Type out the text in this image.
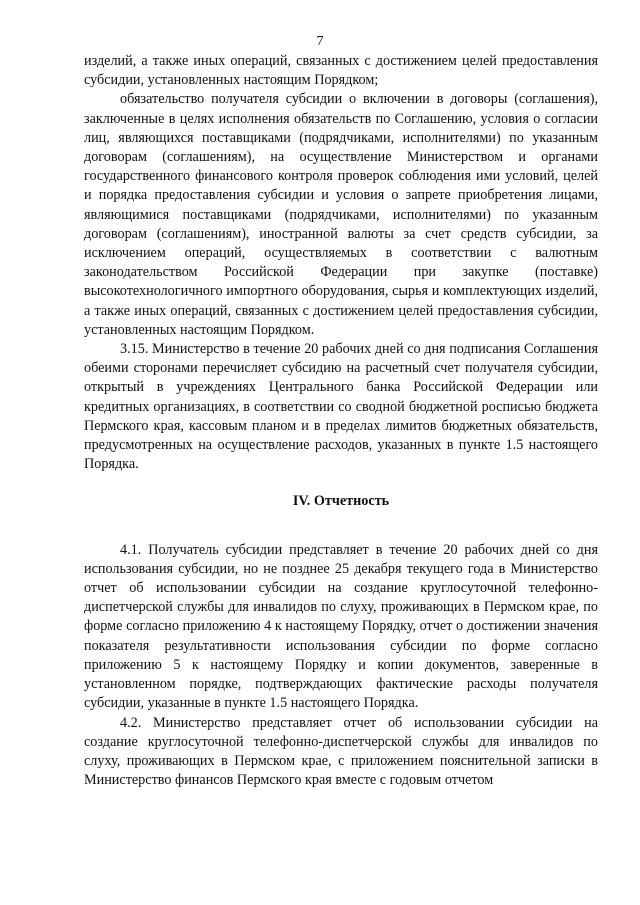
7

изделий, а также иных операций, связанных с достижением целей предоставления субсидии, установленных настоящим Порядком;

обязательство получателя субсидии о включении в договоры (соглашения), заключенные в целях исполнения обязательств по Соглашению, условия о согласии лиц, являющихся поставщиками (подрядчиками, исполнителями) по указанным договорам (соглашениям), на осуществление Министерством и органами государственного финансового контроля проверок соблюдения ими условий, целей и порядка предоставления субсидии и условия о запрете приобретения лицами, являющимися поставщиками (подрядчиками, исполнителями) по указанным договорам (соглашениям), иностранной валюты за счет средств субсидии, за исключением операций, осуществляемых в соответствии с валютным законодательством Российской Федерации при закупке (поставке) высокотехнологичного импортного оборудования, сырья и комплектующих изделий, а также иных операций, связанных с достижением целей предоставления субсидии, установленных настоящим Порядком.

3.15. Министерство в течение 20 рабочих дней со дня подписания Соглашения обеими сторонами перечисляет субсидию на расчетный счет получателя субсидии, открытый в учреждениях Центрального банка Российской Федерации или кредитных организациях, в соответствии со сводной бюджетной росписью бюджета Пермского края, кассовым планом и в пределах лимитов бюджетных обязательств, предусмотренных на осуществление расходов, указанных в пункте 1.5 настоящего Порядка.

IV. Отчетность

4.1. Получатель субсидии представляет в течение 20 рабочих дней со дня использования субсидии, но не позднее 25 декабря текущего года в Министерство отчет об использовании субсидии на создание круглосуточной телефонно-диспетчерской службы для инвалидов по слуху, проживающих в Пермском крае, по форме согласно приложению 4 к настоящему Порядку, отчет о достижении значения показателя результативности использования субсидии по форме согласно приложению 5 к настоящему Порядку и копии документов, заверенные в установленном порядке, подтверждающих фактические расходы получателя субсидии, указанные в пункте 1.5 настоящего Порядка.

4.2. Министерство представляет отчет об использовании субсидии на создание круглосуточной телефонно-диспетчерской службы для инвалидов по слуху, проживающих в Пермском крае, с приложением пояснительной записки в Министерство финансов Пермского края вместе с годовым отчетом
